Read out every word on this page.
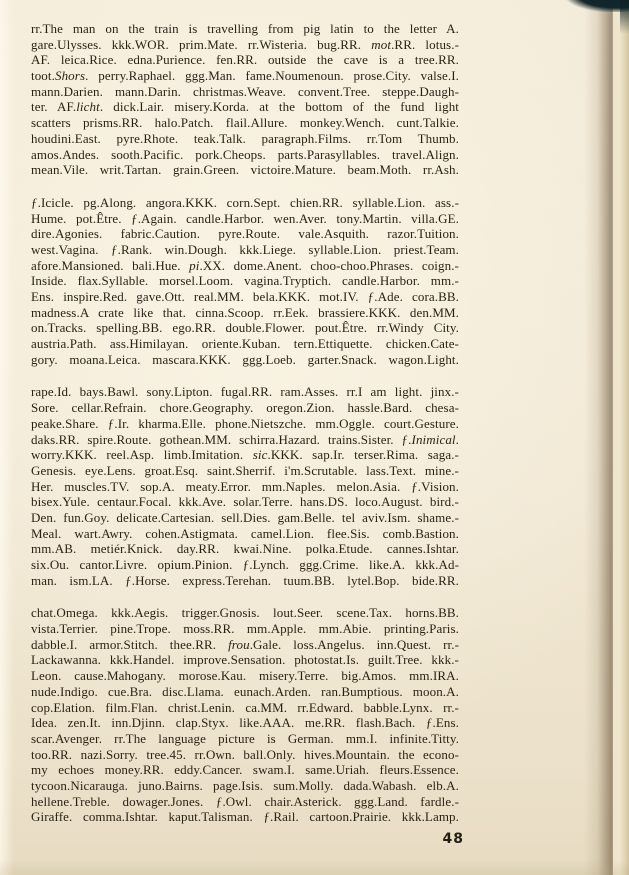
rr.The man on the train is travelling from pig latin to the letter A.
gare.Ulysses. kkk.WOR. prim.Mate. rr.Wisteria. bug.RR. mot.RR. lotus.-
AF. leica.Rice. edna.Purience. fen.RR. outside the cave is a tree.RR.
toot.Shors. perry.Raphael. ggg.Man. fame.Noumenoun. prose.City. valse.I.
mann.Darien. mann.Darin. christmas.Weave. convent.Tree. steppe.Daugh-
ter. AF.licht. dick.Lair. misery.Korda. at the bottom of the fund light
scatters prisms.RR. halo.Patch. flail.Allure. monkey.Wench. cunt.Talkie.
houdini.East. pyre.Rhote. teak.Talk. paragraph.Films. rr.Tom Thumb.
amos.Andes. sooth.Pacific. pork.Cheops. parts.Parasyllables. travel.Align.
mean.Vile. writ.Tartan. grain.Green. victoire.Mature. beam.Moth. rr.Ash.
ƒ.Icicle. pg.Along. angora.KKK. corn.Sept. chien.RR. syllable.Lion. ass.-
Hume. pot.Être. ƒ.Again. candle.Harbor. wen.Aver. tony.Martin. villa.GE.
dire.Agonies. fabric.Caution. pyre.Route. vale.Asquith. razor.Tuition.
west.Vagina. ƒ.Rank. win.Dough. kkk.Liege. syllable.Lion. priest.Team.
afore.Mansioned. bali.Hue. pi.XX. dome.Anent. choo-choo.Phrases. coign.-
Inside. flax.Syllable. morsel.Loom. vagina.Tryptich. candle.Harbor. mm.-
Ens. inspire.Red. gave.Ott. real.MM. bela.KKK. mot.IV. ƒ.Ade. cora.BB.
madness.A crate like that. cinna.Scoop. rr.Eek. brassiere.KKK. den.MM.
on.Tracks. spelling.BB. ego.RR. double.Flower. pout.Être. rr.Windy City.
austria.Path. ass.Himilayan. oriente.Kuban. tern.Ettiquette. chicken.Cate-
gory. moana.Leica. mascara.KKK. ggg.Loeb. garter.Snack. wagon.Light.
rape.Id. bays.Bawl. sony.Lipton. fugal.RR. ram.Asses. rr.I am light. jinx.-
Sore. cellar.Refrain. chore.Geography. oregon.Zion. hassle.Bard. chesa-
peake.Share. ƒ.Ir. kharma.Elle. phone.Nietszche. mm.Oggle. court.Gesture.
daks.RR. spire.Route. gothean.MM. schirra.Hazard. trains.Sister. ƒ.Inimical.
worry.KKK. reel.Asp. limb.Imitation. sic.KKK. sap.Ir. terser.Rima. saga.-
Genesis. eye.Lens. groat.Esq. saint.Sherrif. i'm.Scrutable. lass.Text. mine.-
Her. muscles.TV. sop.A. meaty.Error. mm.Naples. melon.Asia. ƒ.Vision.
bisex.Yule. centaur.Focal. kkk.Ave. solar.Terre. hans.DS. loco.August. bird.-
Den. fun.Goy. delicate.Cartesian. sell.Dies. gam.Belle. tel aviv.Ism. shame.-
Meal. wart.Awry. cohen.Astigmata. camel.Lion. flee.Sis. comb.Bastion.
mm.AB. metiér.Knick. day.RR. kwai.Nine. polka.Etude. cannes.Ishtar.
six.Ou. cantor.Livre. opium.Pinion. ƒ.Lynch. ggg.Crime. like.A. kkk.Ad-
man. ism.LA. ƒ.Horse. express.Terehan. tuum.BB. lytel.Bop. bide.RR.
chat.Omega. kkk.Aegis. trigger.Gnosis. lout.Seer. scene.Tax. horns.BB.
vista.Terrier. pine.Trope. moss.RR. mm.Apple. mm.Abie. printing.Paris.
dabble.I. armor.Stitch. thee.RR. frou.Gale. loss.Angelus. inn.Quest. rr.-
Lackawanna. kkk.Handel. improve.Sensation. photostat.Is. guilt.Tree. kkk.-
Leon. cause.Mahogany. morose.Kau. misery.Terre. big.Amos. mm.IRA.
nude.Indigo. cue.Bra. disc.Llama. eunach.Arden. ran.Bumptious. moon.A.
cop.Elation. film.Flan. christ.Lenin. ca.MM. rr.Edward. babble.Lynx. rr.-
Idea. zen.It. inn.Djinn. clap.Styx. like.AAA. me.RR. flash.Bach. ƒ.Ens.
scar.Avenger. rr.The language picture is German. mm.I. infinite.Titty.
too.RR. nazi.Sorry. tree.45. rr.Own. ball.Only. hives.Mountain. the econo-
my echoes money.RR. eddy.Cancer. swam.I. same.Uriah. fleurs.Essence.
tycoon.Nicarauga. juno.Bairns. page.Isis. sum.Molly. dada.Wabash. elb.A.
hellene.Treble. dowager.Jones. ƒ.Owl. chair.Asterick. ggg.Land. fardle.-
Giraffe. comma.Ishtar. kaput.Talisman. ƒ.Rail. cartoon.Prairie. kkk.Lamp.
48
